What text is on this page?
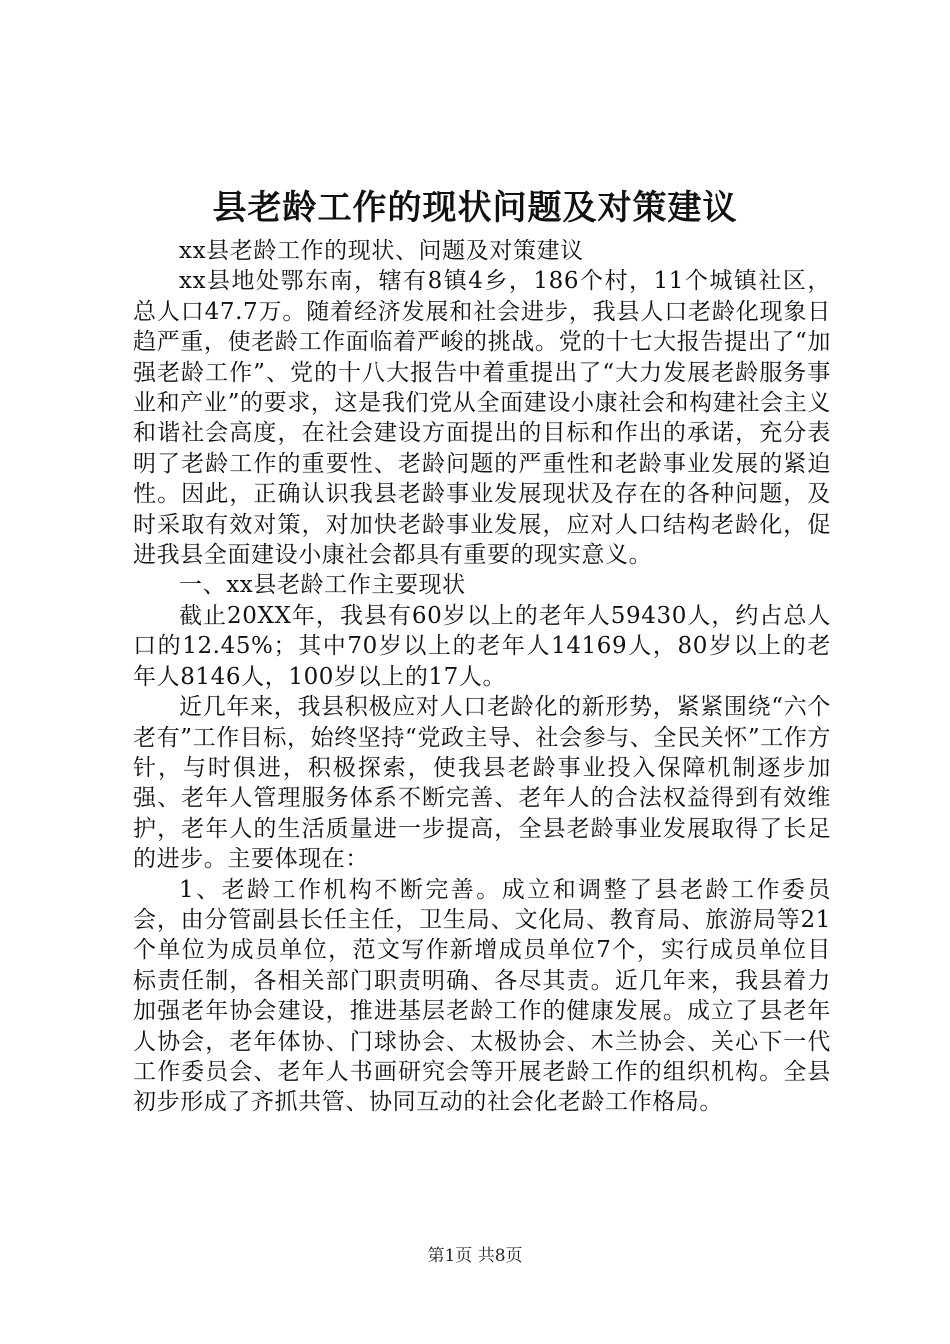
县老龄工作的现状问题及对策建议

xx县老龄工作的现状、问题及对策建议

xx县地处鄂东南，辖有8镇4乡，186个村，11个城镇社区，总人口47.7万。随着经济发展和社会进步，我县人口老龄化现象日趋严重，使老龄工作面临着严峻的挑战。党的十七大报告提出了“加强老龄工作”、党的十八大报告中着重提出了“大力发展老龄服务事业和产业”的要求，这是我们党从全面建设小康社会和构建社会主义和谐社会高度，在社会建设方面提出的目标和作出的承诺，充分表明了老龄工作的重要性、老龄问题的严重性和老龄事业发展的紧迫性。因此，正确认识我县老龄事业发展现状及存在的各种问题，及时采取有效对策，对加快老龄事业发展，应对人口结构老龄化，促进我县全面建设小康社会都具有重要的现实意义。

一、xx县老龄工作主要现状

截止20XX年，我县有60岁以上的老年人59430人，约占总人口的12.45%；其中70岁以上的老年人14169人，80岁以上的老年人8146人，100岁以上的17人。

近几年来，我县积极应对人口老龄化的新形势，紧紧围绕“六个老有”工作目标，始终坚持“党政主导、社会参与、全民关怀”工作方针，与时俱进，积极探索，使我县老龄事业投入保障机制逐步加强、老年人管理服务体系不断完善、老年人的合法权益得到有效维护，老年人的生活质量进一步提高，全县老龄事业发展取得了长足的进步。主要体现在：

1、老龄工作机构不断完善。成立和调整了县老龄工作委员会，由分管副县长任主任，卫生局、文化局、教育局、旅游局等21个单位为成员单位，范文写作新增成员单位7个，实行成员单位目标责任制，各相关部门职责明确、各尽其责。近几年来，我县着力加强老年协会建设，推进基层老龄工作的健康发展。成立了县老年人协会，老年体协、门球协会、太极协会、木兰协会、关心下一代工作委员会、老年人书画研究会等开展老龄工作的组织机构。全县初步形成了齐抓共管、协同互动的社会化老龄工作格局。

第1页 共8页
